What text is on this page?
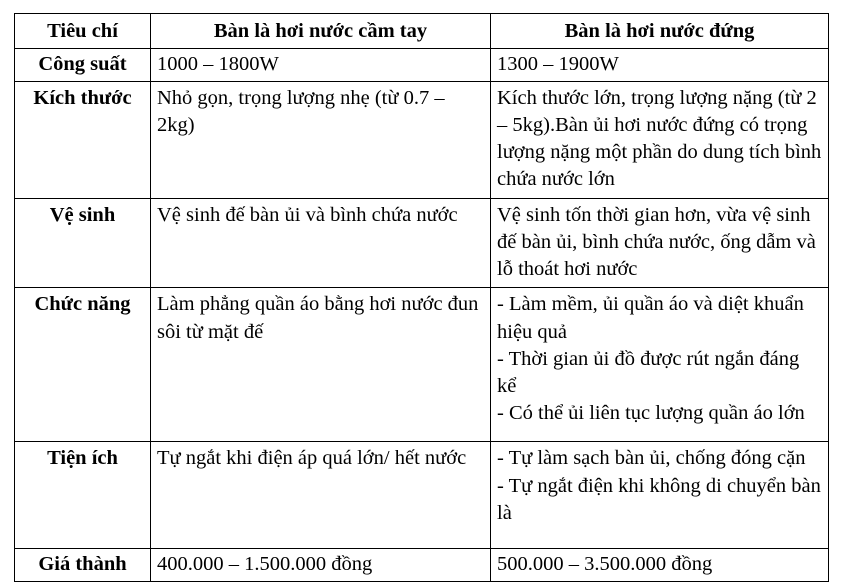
Tiêu chí	Bàn là hơi nước cầm tay	Bàn là hơi nước đứng
Công suất	1000 – 1800W	1300 – 1900W
Kích thước	Nhỏ gọn, trọng lượng nhẹ (từ 0.7 – 2kg)	Kích thước lớn, trọng lượng nặng (từ 2 – 5kg).Bàn ủi hơi nước đứng có trọng lượng nặng một phần do dung tích bình chứa nước lớn
Vệ sinh	Vệ sinh đế bàn ủi và bình chứa nước	Vệ sinh tốn thời gian hơn, vừa vệ sinh đế bàn ủi, bình chứa nước, ống dẫm và lỗ thoát hơi nước
Chức năng	Làm phẳng quần áo bằng hơi nước đun sôi từ mặt đế	- Làm mềm, ủi quần áo và diệt khuẩn hiệu quả
- Thời gian ủi đồ được rút ngắn đáng kể
- Có thể ủi liên tục lượng quần áo lớn

Tiện ích	Tự ngắt khi điện áp quá lớn/ hết nước	- Tự làm sạch bàn ủi, chống đóng cặn
- Tự ngắt điện khi không di chuyển bàn là

Giá thành	400.000 – 1.500.000 đồng	500.000 – 3.500.000 đồng
